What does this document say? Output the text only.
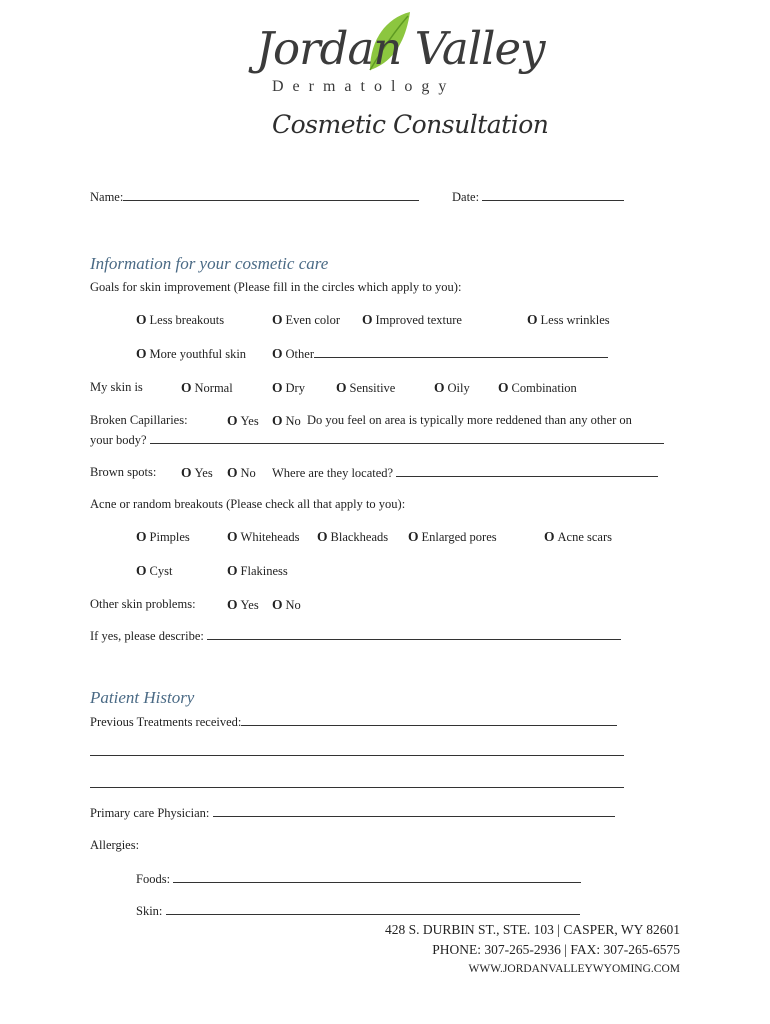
Jordan Valley
Dermatology
Cosmetic Consultation
Name:	Date:
Information for your cosmetic care
Goals for skin improvement (Please fill in the circles which apply to you):
O Less breakouts	O Even color O Improved texture	O Less wrinkles
O More youthful skin O Other
My skin is	O Normal	O Dry O Sensitive	O Oily O Combination
Broken Capillaries:	O Yes O No Do you feel on area is typically more reddened than any other on
your body?
Brown spots: O Yes O No Where are they located?
Acne or random breakouts (Please check all that apply to you):
O Pimples	O Whiteheads O Blackheads O Enlarged pores	O Acne scars
O Cyst	O Flakiness
Other skin problems: O Yes O No
If yes, please describe:
Patient History
Previous Treatments received:
Primary care Physician:
Allergies:
Foods:
Skin:
428 S. DURBIN ST., STE. 103 | CASPER, WY 82601
PHONE: 307-265-2936 | FAX: 307-265-6575
WWW.JORDANVALLEYWYOMING.COM
